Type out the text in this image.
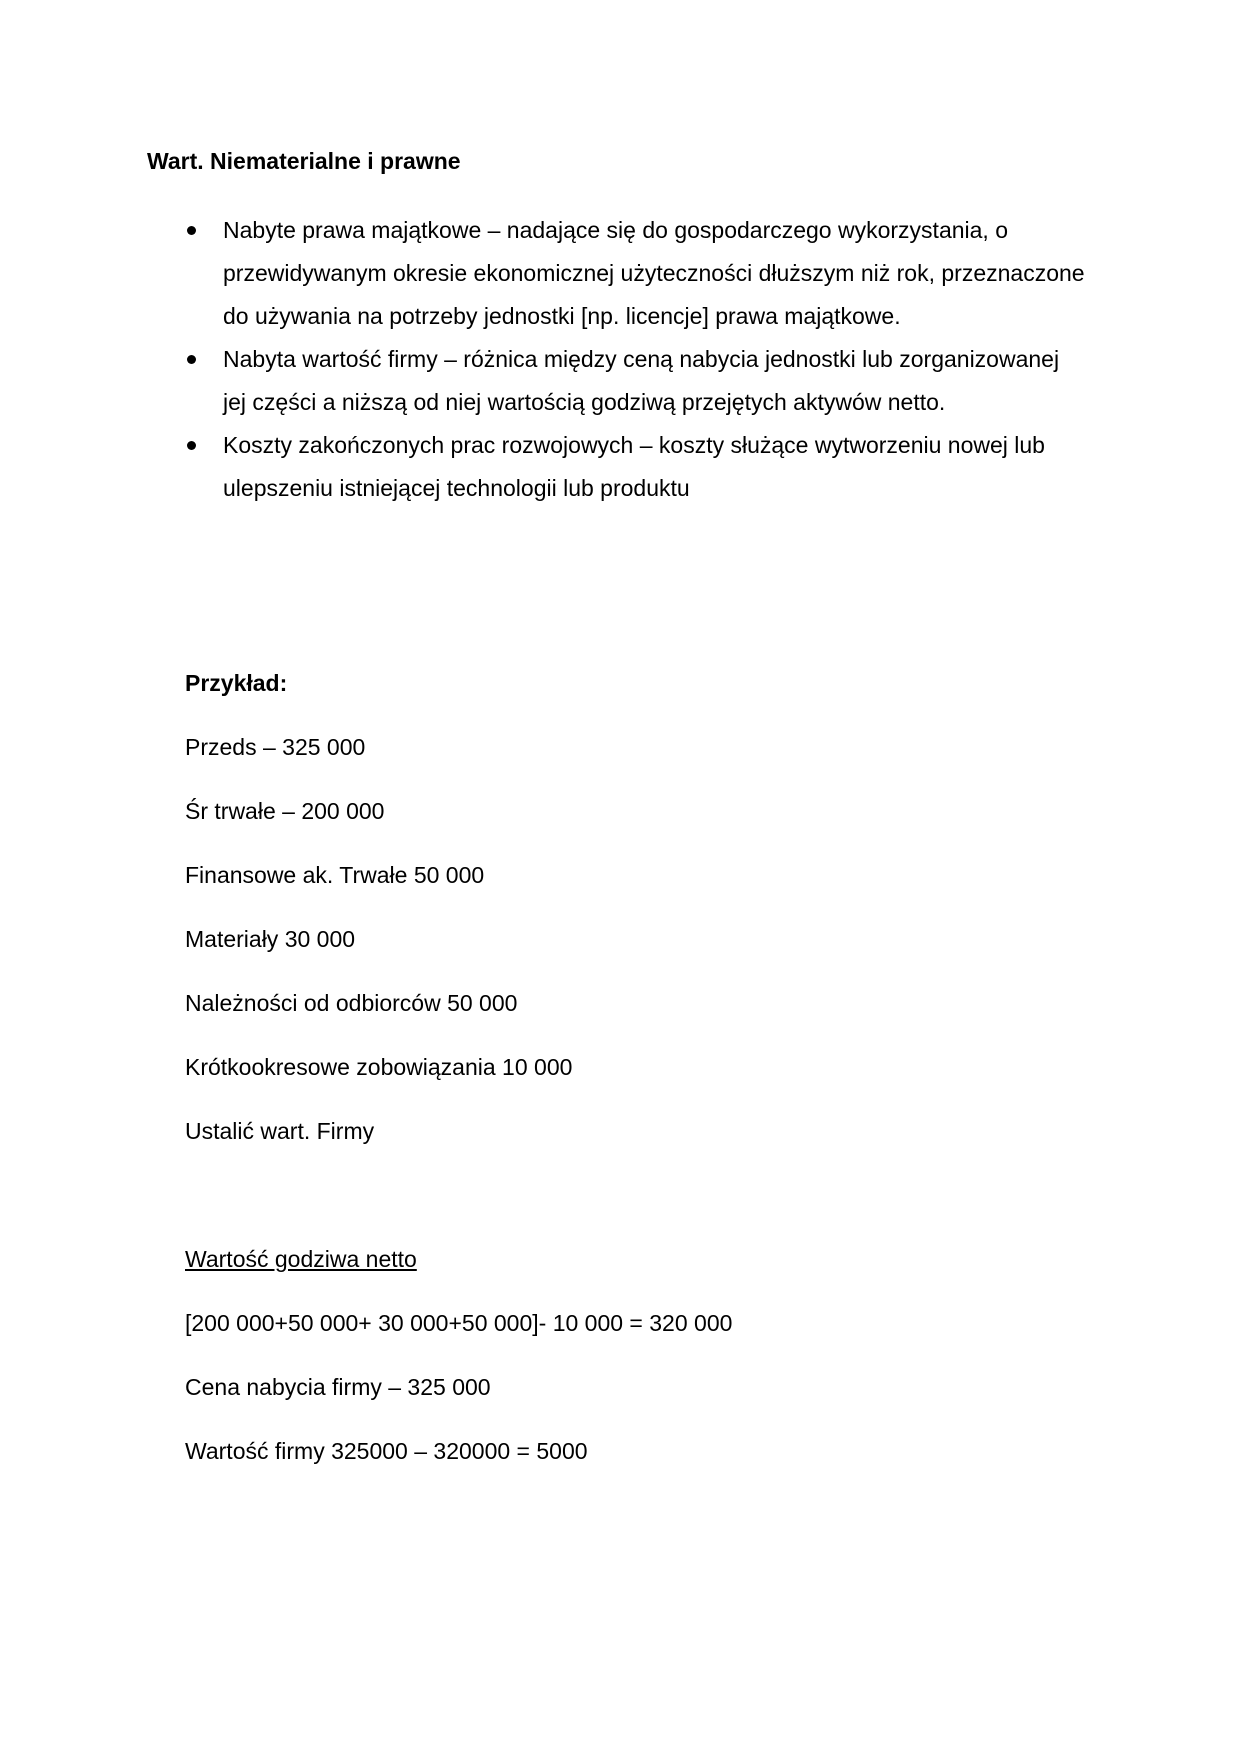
Wart. Niematerialne i prawne
Nabyte prawa majątkowe – nadające się do gospodarczego wykorzystania, o przewidywanym okresie ekonomicznej użyteczności dłuższym niż rok, przeznaczone do używania na potrzeby jednostki [np. licencje] prawa majątkowe.
Nabyta wartość firmy – różnica między ceną nabycia jednostki lub zorganizowanej jej części a niższą od niej wartością godziwą przejętych aktywów netto.
Koszty zakończonych prac rozwojowych – koszty służące wytworzeniu nowej lub ulepszeniu istniejącej technologii lub produktu
Przykład:
Przeds – 325 000
Śr trwałe – 200 000
Finansowe ak. Trwałe 50 000
Materiały 30 000
Należności od odbiorców 50 000
Krótkookresowe zobowiązania 10 000
Ustalić wart. Firmy
Wartość godziwa netto
[200 000+50 000+ 30 000+50 000]- 10 000 = 320 000
Cena nabycia firmy – 325 000
Wartość firmy 325000 – 320000 = 5000
